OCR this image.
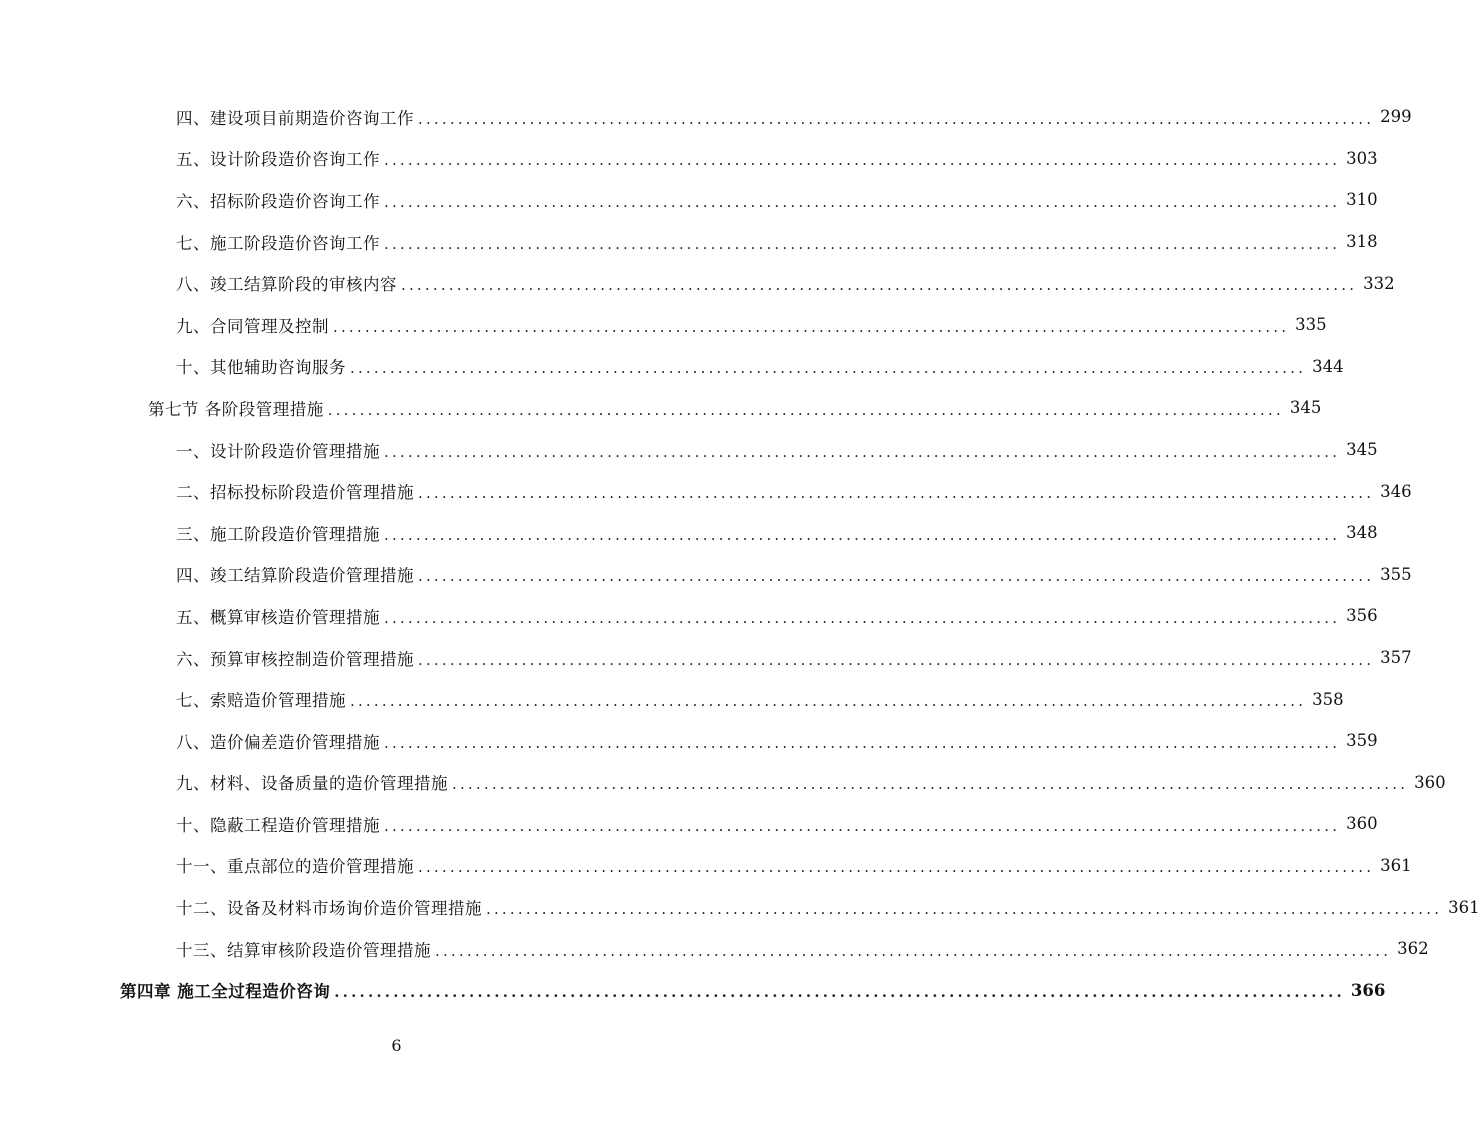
四、建设项目前期造价咨询工作 ........................................................................................................................ 299
五、设计阶段造价咨询工作 ........................................................................................................................ 303
六、招标阶段造价咨询工作 ........................................................................................................................ 310
七、施工阶段造价咨询工作 ........................................................................................................................ 318
八、竣工结算阶段的审核内容 ........................................................................................................................ 332
九、合同管理及控制 ........................................................................................................................ 335
十、其他辅助咨询服务 ........................................................................................................................ 344
第七节 各阶段管理措施 ........................................................................................................................ 345
一、设计阶段造价管理措施 ........................................................................................................................ 345
二、招标投标阶段造价管理措施 ........................................................................................................................ 346
三、施工阶段造价管理措施 ........................................................................................................................ 348
四、竣工结算阶段造价管理措施 ........................................................................................................................ 355
五、概算审核造价管理措施 ........................................................................................................................ 356
六、预算审核控制造价管理措施 ........................................................................................................................ 357
七、索赔造价管理措施 ........................................................................................................................ 358
八、造价偏差造价管理措施 ........................................................................................................................ 359
九、材料、设备质量的造价管理措施 ........................................................................................................................ 360
十、隐蔽工程造价管理措施 ........................................................................................................................ 360
十一、重点部位的造价管理措施 ........................................................................................................................ 361
十二、设备及材料市场询价造价管理措施 ........................................................................................................................ 361
十三、结算审核阶段造价管理措施 ........................................................................................................................ 362
第四章 施工全过程造价咨询 ........................................................................................................................ 366
6
